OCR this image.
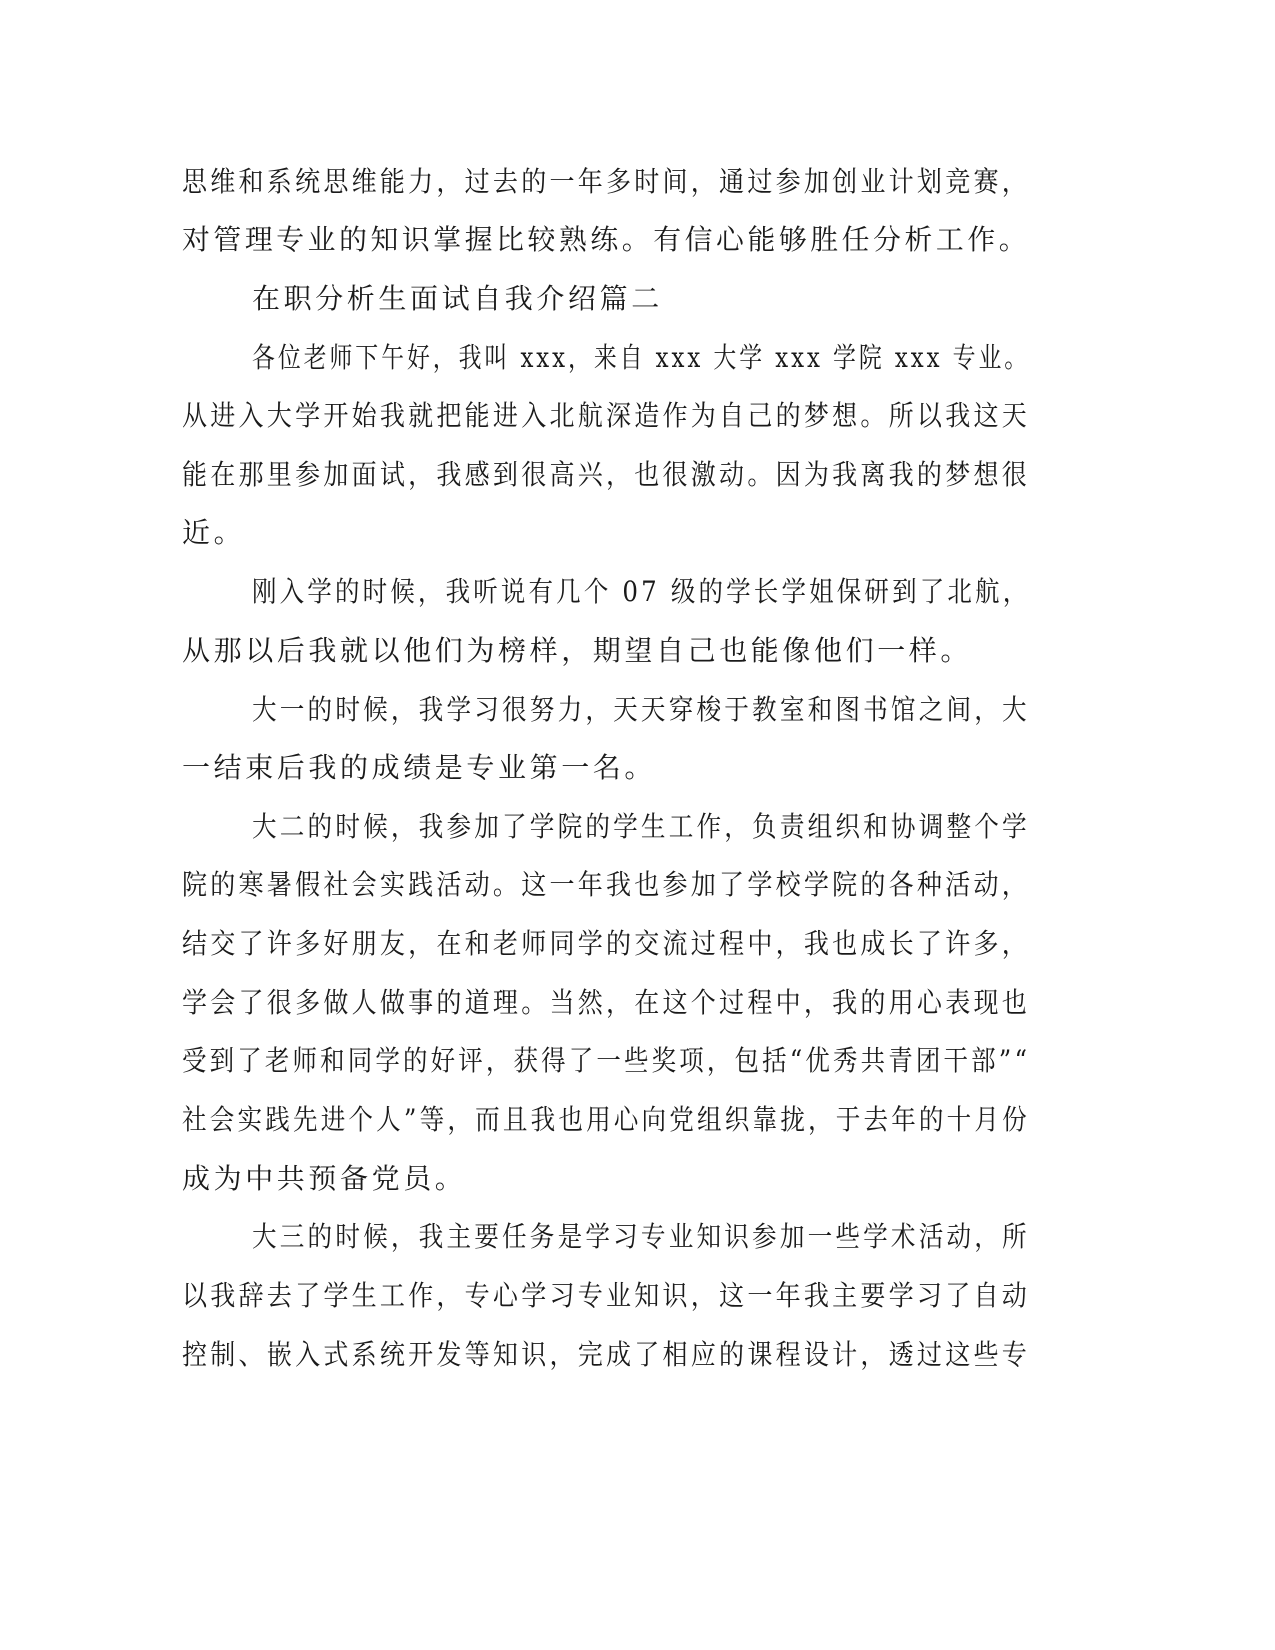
思维和系统思维能力，过去的一年多时间，通过参加创业计划竞赛，
对管理专业的知识掌握比较熟练。有信心能够胜任分析工作。
在职分析生面试自我介绍篇二
各位老师下午好，我叫 xxx，来自 xxx 大学 xxx 学院 xxx 专业。
从进入大学开始我就把能进入北航深造作为自己的梦想。所以我这天
能在那里参加面试，我感到很高兴，也很激动。因为我离我的梦想很
近。
刚入学的时候，我听说有几个 07 级的学长学姐保研到了北航，
从那以后我就以他们为榜样，期望自己也能像他们一样。
大一的时候，我学习很努力，天天穿梭于教室和图书馆之间，大
一结束后我的成绩是专业第一名。
大二的时候，我参加了学院的学生工作，负责组织和协调整个学
院的寒暑假社会实践活动。这一年我也参加了学校学院的各种活动，
结交了许多好朋友，在和老师同学的交流过程中，我也成长了许多，
学会了很多做人做事的道理。当然，在这个过程中，我的用心表现也
受到了老师和同学的好评，获得了一些奖项，包括“优秀共青团干部”“
社会实践先进个人”等，而且我也用心向党组织靠拢，于去年的十月份
成为中共预备党员。
大三的时候，我主要任务是学习专业知识参加一些学术活动，所
以我辞去了学生工作，专心学习专业知识，这一年我主要学习了自动
控制、嵌入式系统开发等知识，完成了相应的课程设计，透过这些专
